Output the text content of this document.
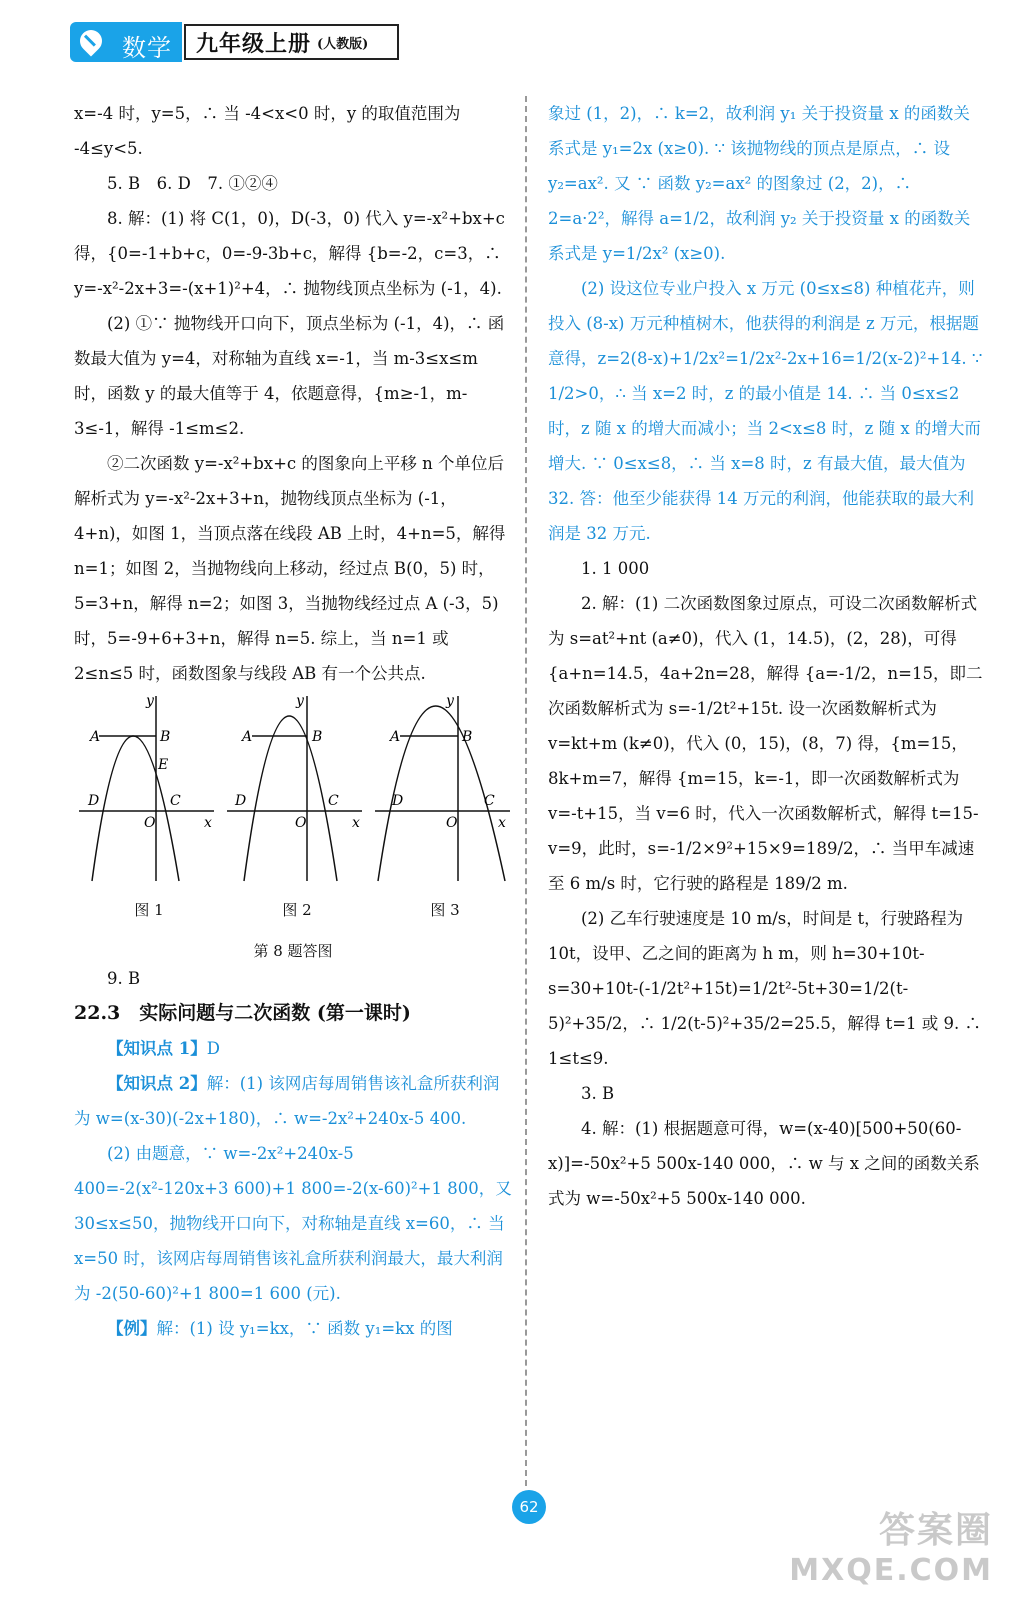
数学 九年级上册 (人教版)

x=-4 时，y=5，∴ 当 -4<x<0 时，y 的取值范围为 -4≤y<5.

5. B　6. D　7. ①②④

8. 解：(1) 将 C(1，0)，D(-3，0) 代入 y=-x²+bx+c 得，{0=-1+b+c，0=-9-3b+c，解得 {b=-2，c=3，∴ y=-x²-2x+3=-(x+1)²+4，∴ 抛物线顶点坐标为 (-1，4).

(2) ①∵ 抛物线开口向下，顶点坐标为 (-1，4)，∴ 函数最大值为 y=4，对称轴为直线 x=-1，当 m-3≤x≤m 时，函数 y 的最大值等于 4，依题意得，{m≥-1，m-3≤-1，解得 -1≤m≤2.

②二次函数 y=-x²+bx+c 的图象向上平移 n 个单位后解析式为 y=-x²-2x+3+n，抛物线顶点坐标为 (-1，4+n)，如图 1，当顶点落在线段 AB 上时，4+n=5，解得 n=1；如图 2，当抛物线向上移动，经过点 B(0，5) 时，5=3+n，解得 n=2；如图 3，当抛物线经过点 A (-3，5) 时，5=-9+6+3+n，解得 n=5. 综上，当 n=1 或 2≤n≤5 时，函数图象与线段 AB 有一个公共点.

y
A	B
E
D	C
O	x
图 1
y
A	B
D	C
O	x
图 2
y
A	B
D	C
O	x
图 3
第 8 题答图

9. B

22.3　实际问题与二次函数 (第一课时)

【知识点 1】D

【知识点 2】解：(1) 该网店每周销售该礼盒所获利润为 w=(x-30)(-2x+180)，∴ w=-2x²+240x-5 400.

(2) 由题意，∵ w=-2x²+240x-5 400=-2(x²-120x+3 600)+1 800=-2(x-60)²+1 800，又 30≤x≤50，抛物线开口向下，对称轴是直线 x=60，∴ 当 x=50 时，该网店每周销售该礼盒所获利润最大，最大利润为 -2(50-60)²+1 800=1 600 (元).

【例】解：(1) 设 y₁=kx，∵ 函数 y₁=kx 的图

象过 (1，2)，∴ k=2，故利润 y₁ 关于投资量 x 的函数关系式是 y₁=2x (x≥0). ∵ 该抛物线的顶点是原点，∴ 设 y₂=ax². 又 ∵ 函数 y₂=ax² 的图象过 (2，2)，∴ 2=a·2²，解得 a=1/2，故利润 y₂ 关于投资量 x 的函数关系式是 y=1/2x² (x≥0).

(2) 设这位专业户投入 x 万元 (0≤x≤8) 种植花卉，则投入 (8-x) 万元种植树木，他获得的利润是 z 万元，根据题意得，z=2(8-x)+1/2x²=1/2x²-2x+16=1/2(x-2)²+14. ∵ 1/2>0，∴ 当 x=2 时，z 的最小值是 14. ∴ 当 0≤x≤2 时，z 随 x 的增大而减小；当 2<x≤8 时，z 随 x 的增大而增大. ∵ 0≤x≤8，∴ 当 x=8 时，z 有最大值，最大值为 32. 答：他至少能获得 14 万元的利润，他能获取的最大利润是 32 万元.

1. 1 000

2. 解：(1) 二次函数图象过原点，可设二次函数解析式为 s=at²+nt (a≠0)，代入 (1，14.5)，(2，28)，可得 {a+n=14.5，4a+2n=28，解得 {a=-1/2，n=15，即二次函数解析式为 s=-1/2t²+15t. 设一次函数解析式为 v=kt+m (k≠0)，代入 (0，15)，(8，7) 得，{m=15，8k+m=7，解得 {m=15，k=-1，即一次函数解析式为 v=-t+15，当 v=6 时，代入一次函数解析式，解得 t=15-v=9，此时，s=-1/2×9²+15×9=189/2，∴ 当甲车减速至 6 m/s 时，它行驶的路程是 189/2 m.

(2) 乙车行驶速度是 10 m/s，时间是 t，行驶路程为 10t，设甲、乙之间的距离为 h m，则 h=30+10t-s=30+10t-(-1/2t²+15t)=1/2t²-5t+30=1/2(t-5)²+35/2，∴ 1/2(t-5)²+35/2=25.5，解得 t=1 或 9. ∴ 1≤t≤9.

3. B

4. 解：(1) 根据题意可得，w=(x-40)[500+50(60-x)]=-50x²+5 500x-140 000，∴ w 与 x 之间的函数关系式为 w=-50x²+5 500x-140 000.

62
答案圈
MXQE.COM
